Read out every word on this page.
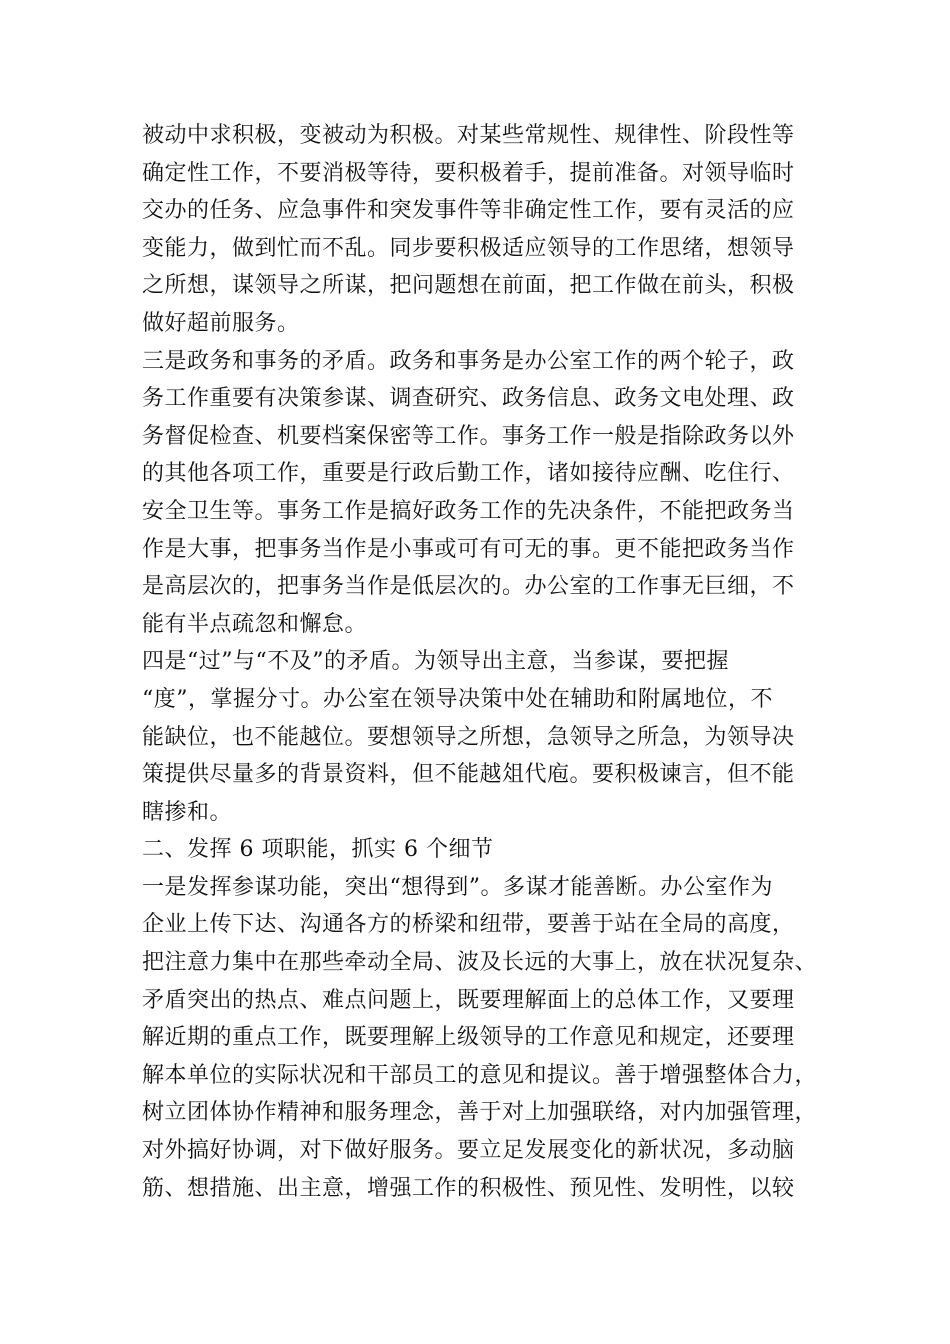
被动中求积极，变被动为积极。对某些常规性、规律性、阶段性等
确定性工作，不要消极等待，要积极着手，提前准备。对领导临时
交办的任务、应急事件和突发事件等非确定性工作，要有灵活的应
变能力，做到忙而不乱。同步要积极适应领导的工作思绪，想领导
之所想，谋领导之所谋，把问题想在前面，把工作做在前头，积极
做好超前服务。
三是政务和事务的矛盾。政务和事务是办公室工作的两个轮子，政
务工作重要有决策参谋、调查研究、政务信息、政务文电处理、政
务督促检查、机要档案保密等工作。事务工作一般是指除政务以外
的其他各项工作，重要是行政后勤工作，诸如接待应酬、吃住行、
安全卫生等。事务工作是搞好政务工作的先决条件，不能把政务当
作是大事，把事务当作是小事或可有可无的事。更不能把政务当作
是高层次的，把事务当作是低层次的。办公室的工作事无巨细，不
能有半点疏忽和懈怠。
四是“过”与“不及”的矛盾。为领导出主意，当参谋，要把握
“度”，掌握分寸。办公室在领导决策中处在辅助和附属地位，不
能缺位，也不能越位。要想领导之所想，急领导之所急，为领导决
策提供尽量多的背景资料，但不能越俎代庖。要积极谏言，但不能
瞎掺和。
二、发挥 6 项职能，抓实 6 个细节
一是发挥参谋功能，突出“想得到”。多谋才能善断。办公室作为
企业上传下达、沟通各方的桥梁和纽带，要善于站在全局的高度，
把注意力集中在那些牵动全局、波及长远的大事上，放在状况复杂、
矛盾突出的热点、难点问题上，既要理解面上的总体工作，又要理
解近期的重点工作，既要理解上级领导的工作意见和规定，还要理
解本单位的实际状况和干部员工的意见和提议。善于增强整体合力，
树立团体协作精神和服务理念，善于对上加强联络，对内加强管理，
对外搞好协调，对下做好服务。要立足发展变化的新状况，多动脑
筋、想措施、出主意，增强工作的积极性、预见性、发明性，以较
